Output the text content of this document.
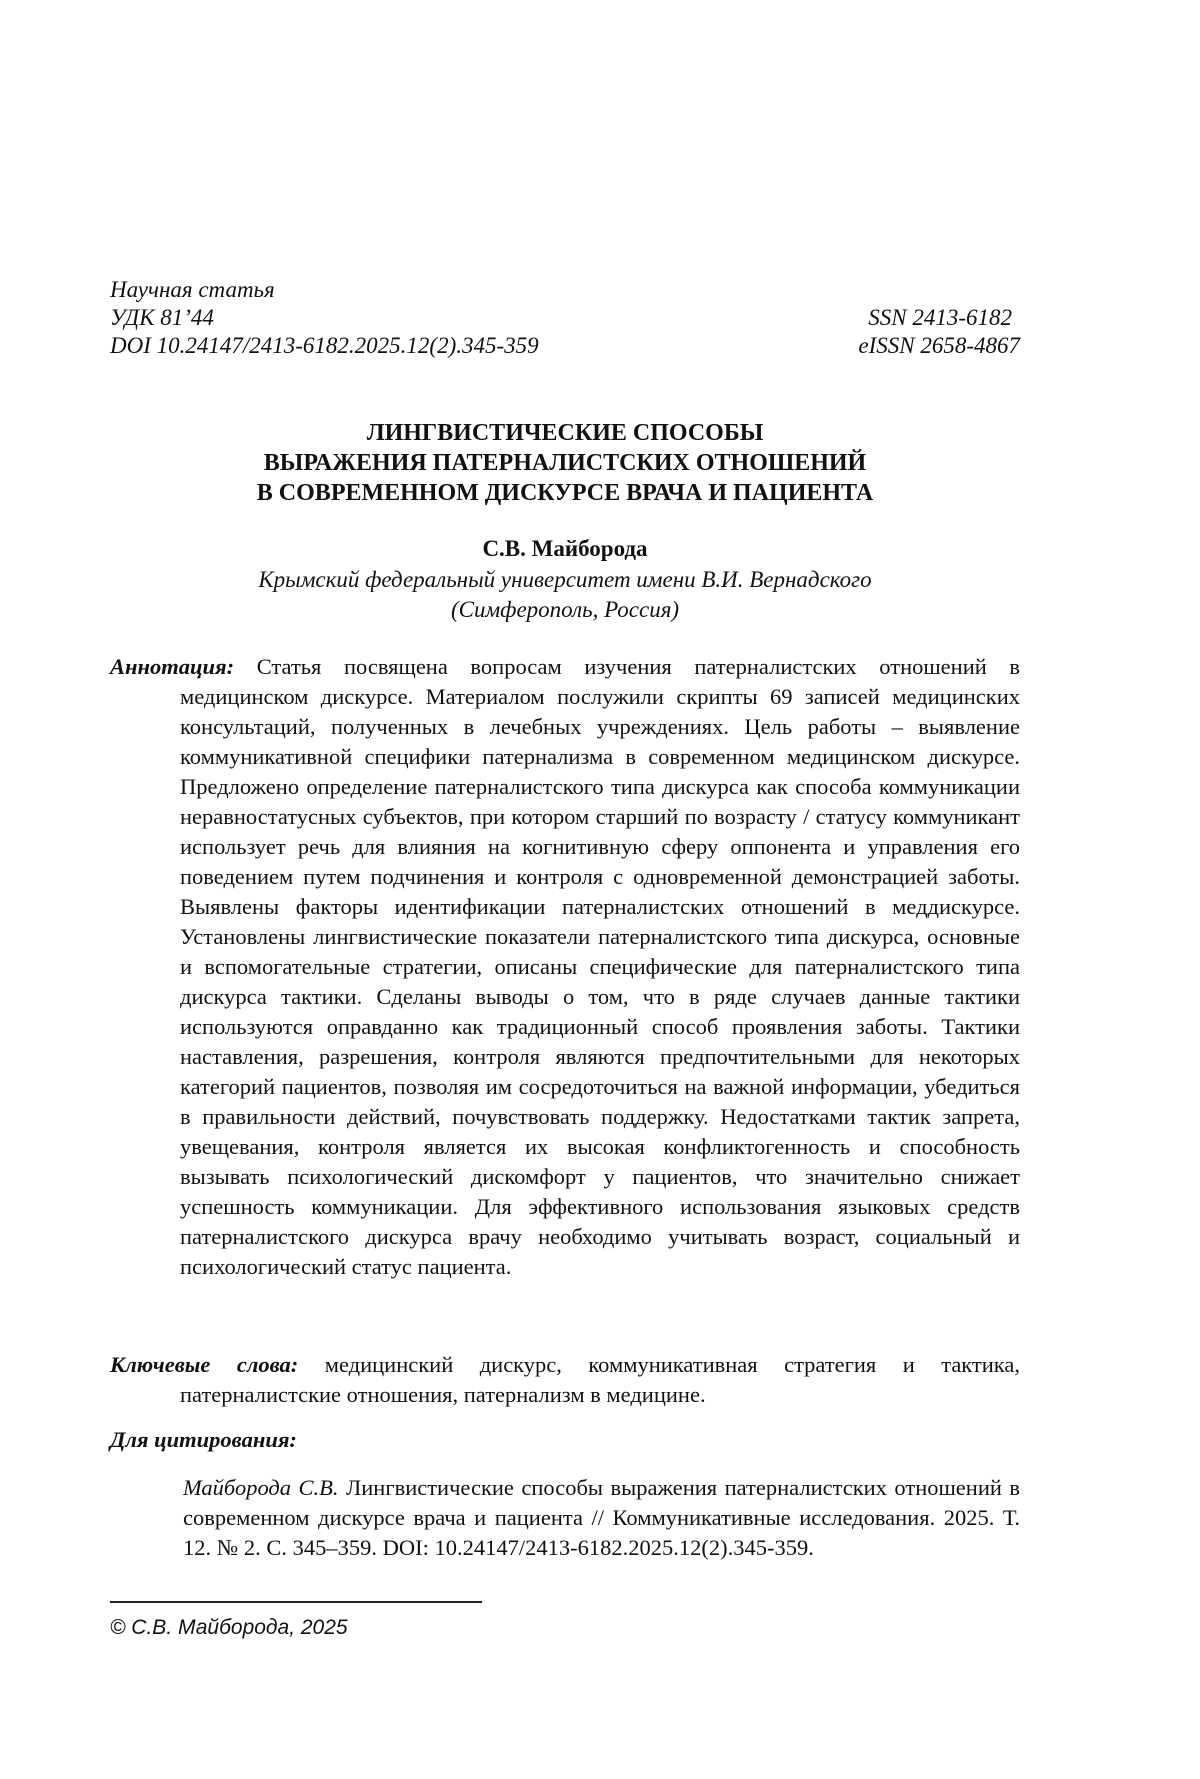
Научная статья
УДК 81’44	SSN 2413-6182
DOI 10.24147/2413-6182.2025.12(2).345-359	eISSN 2658-4867
ЛИНГВИСТИЧЕСКИЕ СПОСОБЫ
ВЫРАЖЕНИЯ ПАТЕРНАЛИСТСКИХ ОТНОШЕНИЙ
В СОВРЕМЕННОМ ДИСКУРСЕ ВРАЧА И ПАЦИЕНТА
С.В. Майборода
Крымский федеральный университет имени В.И. Вернадского
(Симферополь, Россия)

Аннотация: Статья посвящена вопросам изучения патерналистских отношений в медицинском дискурсе. Материалом послужили скрипты 69 записей медицинских консультаций, полученных в лечебных учреждениях. Цель работы – выявление коммуникативной специфики патернализма в современном медицинском дискурсе. Предложено определение патерналистского типа дискурса как способа коммуникации неравностатусных субъектов, при котором старший по возрасту / статусу коммуникант использует речь для влияния на когнитивную сферу оппонента и управления его поведением путем подчинения и контроля с одновременной демонстрацией заботы. Выявлены факторы идентификации патерналистских отношений в меддискурсе. Установлены лингвистические показатели патерналистского типа дискурса, основные и вспомогательные стратегии, описаны специфические для патерналистского типа дискурса тактики. Сделаны выводы о том, что в ряде случаев данные тактики используются оправданно как традиционный способ проявления заботы. Тактики наставления, разрешения, контроля являются предпочтительными для некоторых категорий пациентов, позволяя им сосредоточиться на важной информации, убедиться в правильности действий, почувствовать поддержку. Недостатками тактик запрета, увещевания, контроля является их высокая конфликтогенность и способность вызывать психологический дискомфорт у пациентов, что значительно снижает успешность коммуникации. Для эффективного использования языковых средств патерналистского дискурса врачу необходимо учитывать возраст, социальный и психологический статус пациента.

Ключевые слова: медицинский дискурс, коммуникативная стратегия и тактика, патерналистские отношения, патернализм в медицине.

Для цитирования:
Майборода С.В. Лингвистические способы выражения патерналистских отношений в современном дискурсе врача и пациента // Коммуникативные исследования. 2025. Т. 12. № 2. С. 345–359. DOI: 10.24147/2413-6182.2025.12(2).345-359.
© С.В. Майборода, 2025
